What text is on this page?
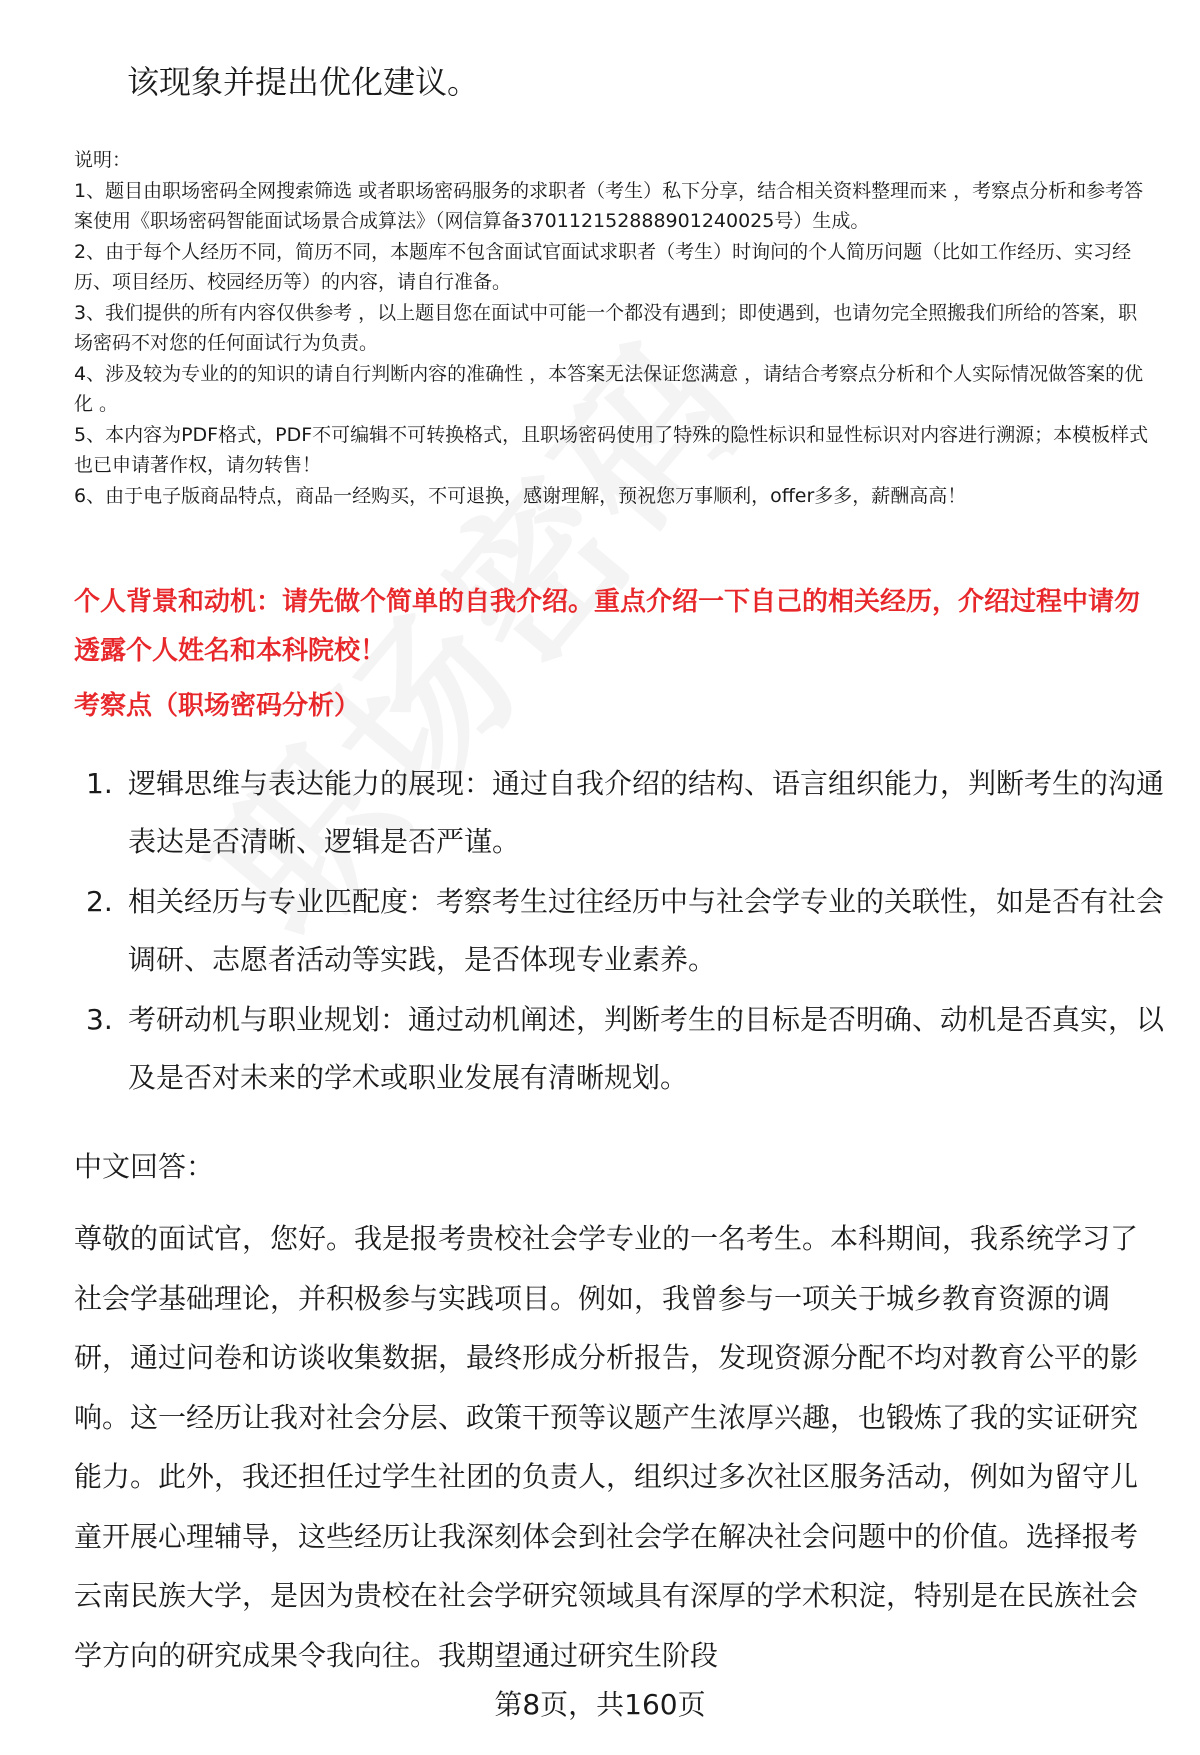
该现象并提出优化建议。

说明：

1、题目由职场密码全网搜索筛选 或者职场密码服务的求职者（考生）私下分享，结合相关资料整理而来 ，考察点分析和参考答案使用《职场密码智能面试场景合成算法》（网信算备370112152888901240025号）生成。

2、由于每个人经历不同，简历不同，本题库不包含面试官面试求职者（考生）时询问的个人简历问题（比如工作经历、实习经历、项目经历、校园经历等）的内容，请自行准备。

3、我们提供的所有内容仅供参考 ，以上题目您在面试中可能一个都没有遇到；即使遇到，也请勿完全照搬我们所给的答案，职场密码不对您的任何面试行为负责。

4、涉及较为专业的的知识的请自行判断内容的准确性 ，本答案无法保证您满意 ，请结合考察点分析和个人实际情况做答案的优化 。

5、本内容为PDF格式，PDF不可编辑不可转换格式，且职场密码使用了特殊的隐性标识和显性标识对内容进行溯源；本模板样式也已申请著作权，请勿转售！

6、由于电子版商品特点，商品一经购买，不可退换，感谢理解，预祝您万事顺利，offer多多，薪酬高高！

个人背景和动机：请先做个简单的自我介绍。重点介绍一下自己的相关经历，介绍过程中请勿透露个人姓名和本科院校！
考察点（职场密码分析）
1. 逻辑思维与表达能力的展现：通过自我介绍的结构、语言组织能力，判断考生的沟通表达是否清晰、逻辑是否严谨。
2. 相关经历与专业匹配度：考察考生过往经历中与社会学专业的关联性，如是否有社会调研、志愿者活动等实践，是否体现专业素养。
3. 考研动机与职业规划：通过动机阐述，判断考生的目标是否明确、动机是否真实，以及是否对未来的学术或职业发展有清晰规划。
中文回答：
尊敬的面试官，您好。我是报考贵校社会学专业的一名考生。本科期间，我系统学习了社会学基础理论，并积极参与实践项目。例如，我曾参与一项关于城乡教育资源的调研，通过问卷和访谈收集数据，最终形成分析报告，发现资源分配不均对教育公平的影响。这一经历让我对社会分层、政策干预等议题产生浓厚兴趣，也锻炼了我的实证研究能力。此外，我还担任过学生社团的负责人，组织过多次社区服务活动，例如为留守儿童开展心理辅导，这些经历让我深刻体会到社会学在解决社会问题中的价值。选择报考云南民族大学，是因为贵校在社会学研究领域具有深厚的学术积淀，特别是在民族社会学方向的研究成果令我向往。我期望通过研究生阶段
第8页，共160页
